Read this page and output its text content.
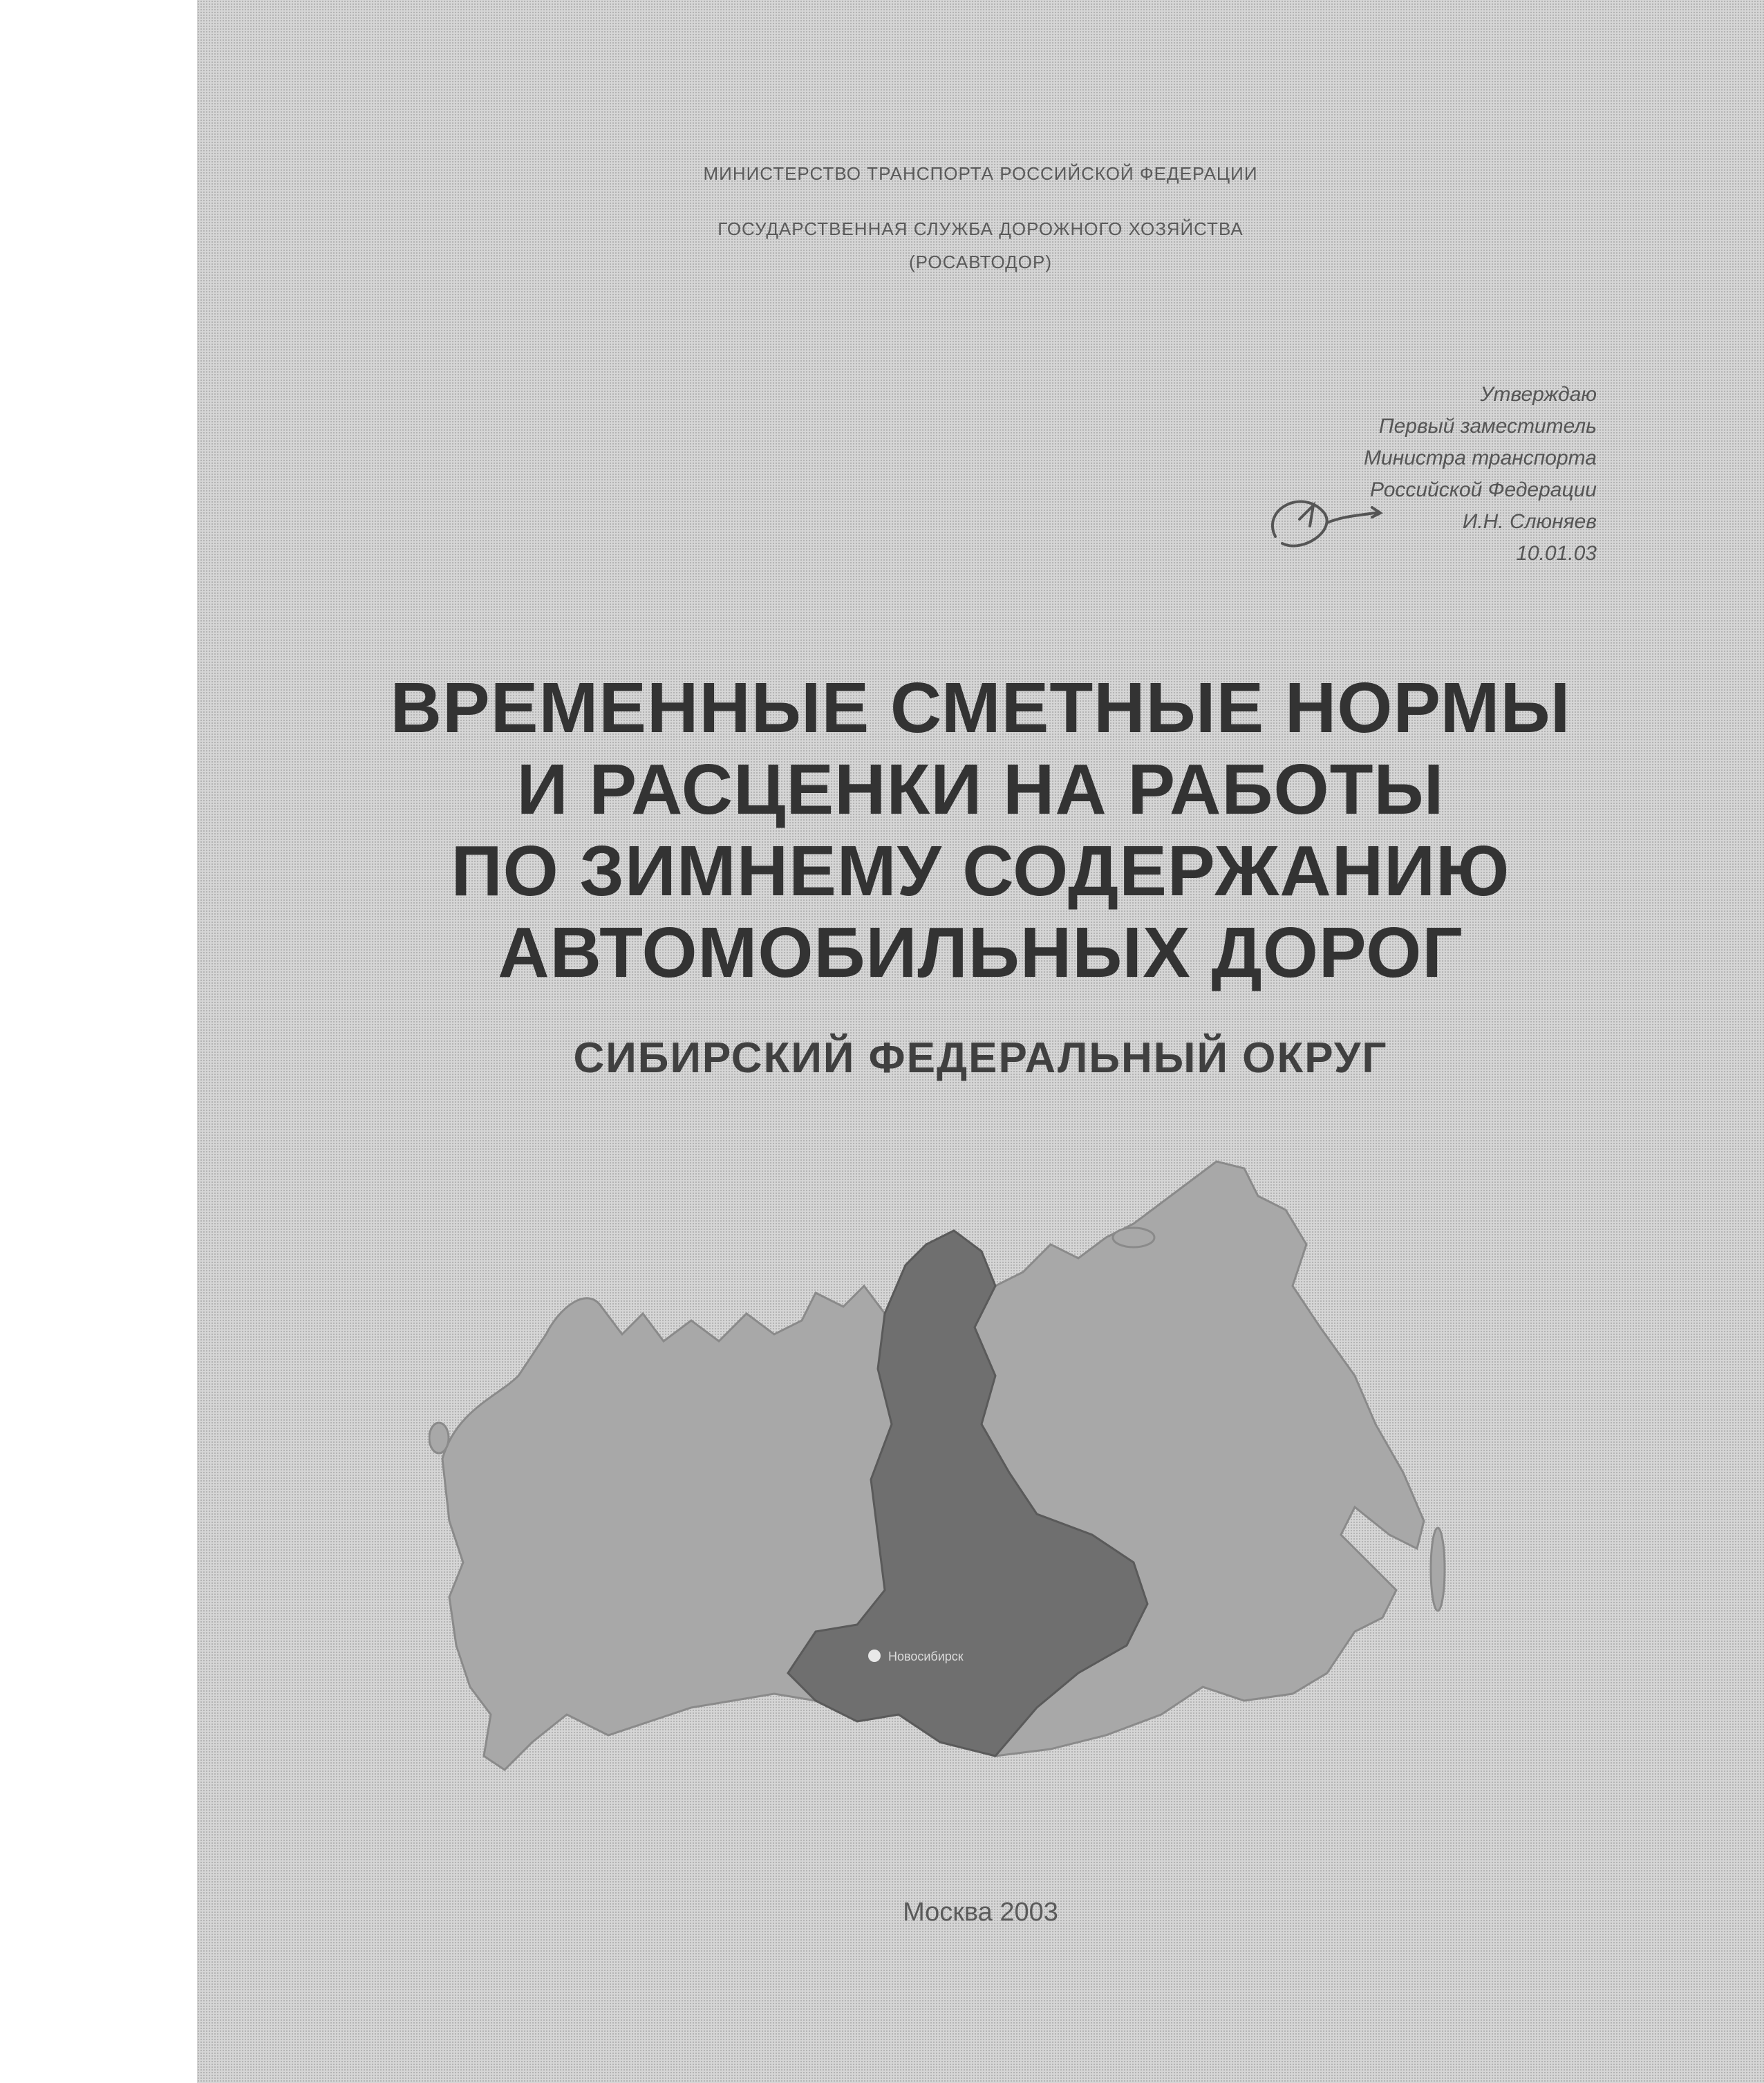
МИНИСТЕРСТВО ТРАНСПОРТА РОССИЙСКОЙ ФЕДЕРАЦИИ

ГОСУДАРСТВЕННАЯ СЛУЖБА ДОРОЖНОГО ХОЗЯЙСТВА

(РОСАВТОДОР)

Утверждаю
Первый заместитель
Министра транспорта
Российской Федерации
И.Н. Слюняев
10.01.03
ВРЕМЕННЫЕ СМЕТНЫЕ НОРМЫ
И РАСЦЕНКИ НА РАБОТЫ
ПО ЗИМНЕМУ СОДЕРЖАНИЮ
АВТОМОБИЛЬНЫХ ДОРОГ
СИБИРСКИЙ ФЕДЕРАЛЬНЫЙ ОКРУГ
Новосибирск
Москва 2003
